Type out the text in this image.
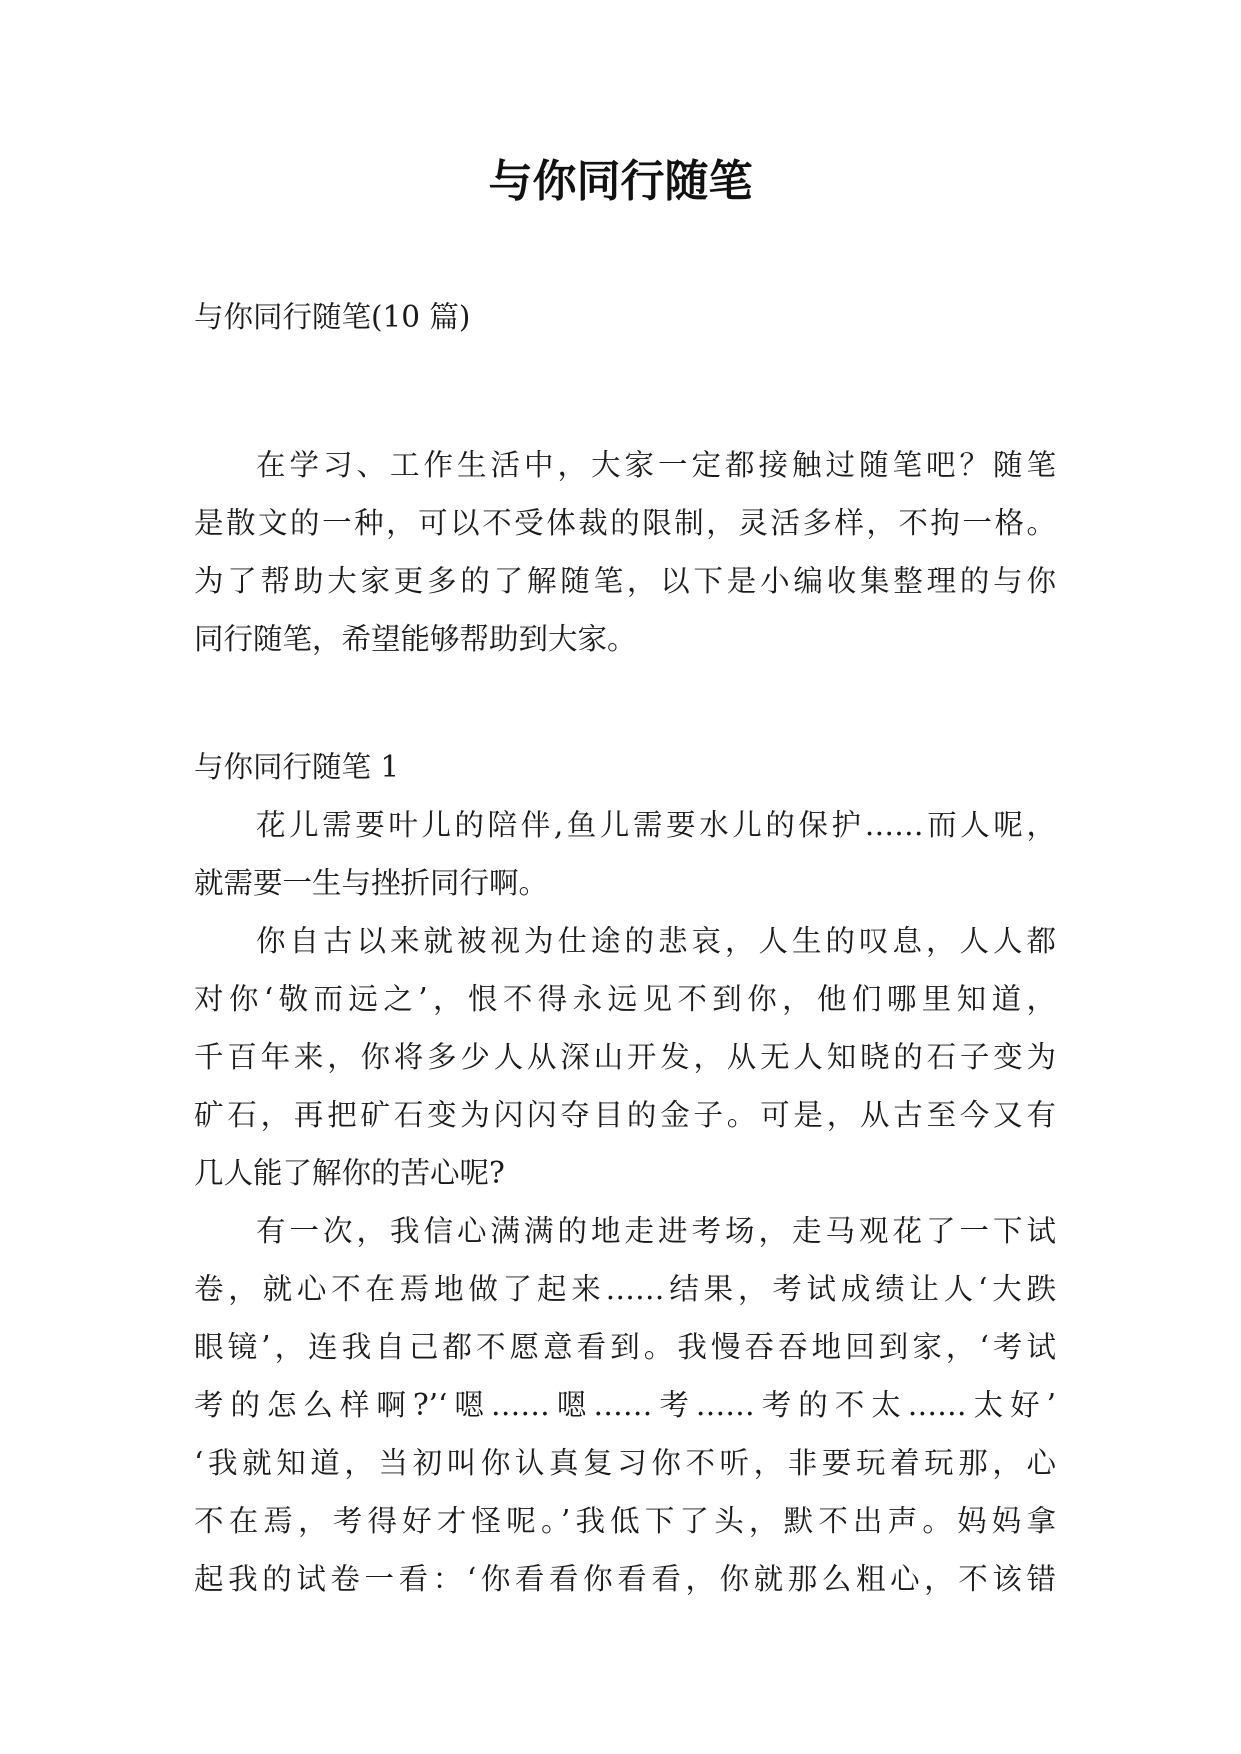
与你同行随笔
与你同行随笔(10 篇)
在学习、工作生活中，大家一定都接触过随笔吧？随笔
是散文的一种，可以不受体裁的限制，灵活多样，不拘一格。
为了帮助大家更多的了解随笔，以下是小编收集整理的与你
同行随笔，希望能够帮助到大家。
与你同行随笔 1
花儿需要叶儿的陪伴,鱼儿需要水儿的保护……而人呢，
就需要一生与挫折同行啊。
你自古以来就被视为仕途的悲哀，人生的叹息，人人都
对你‘敬而远之’，恨不得永远见不到你，他们哪里知道，
千百年来，你将多少人从深山开发，从无人知晓的石子变为
矿石，再把矿石变为闪闪夺目的金子。可是，从古至今又有
几人能了解你的苦心呢?
有一次，我信心满满的地走进考场，走马观花了一下试
卷，就心不在焉地做了起来……结果，考试成绩让人‘大跌
眼镜’，连我自己都不愿意看到。我慢吞吞地回到家，‘考试
考的怎么样啊?’‘嗯……嗯……考……考的不太……太好’
‘我就知道，当初叫你认真复习你不听，非要玩着玩那，心
不在焉，考得好才怪呢。’我低下了头，默不出声。妈妈拿
起我的试卷一看：‘你看看你看看，你就那么粗心，不该错
